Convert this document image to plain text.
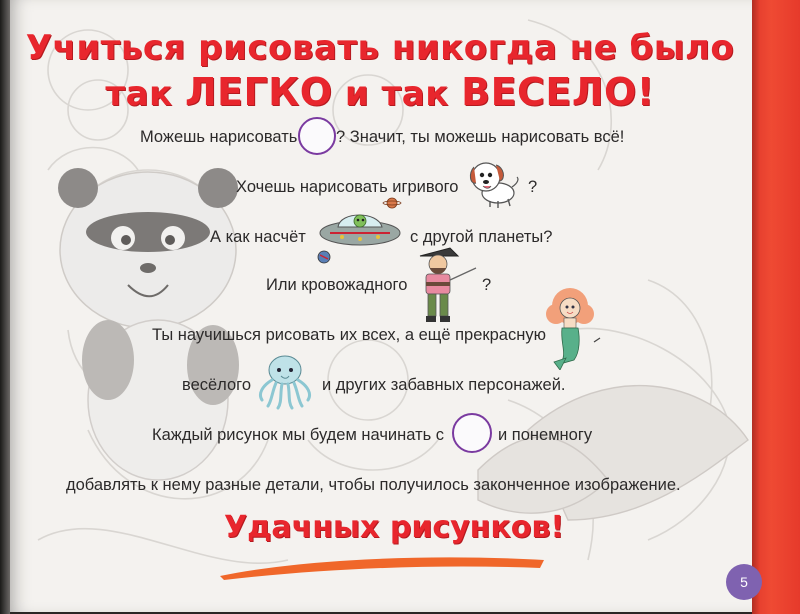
Учиться рисовать никогда не было
так ЛЕГКО и так ВЕСЕЛО!
Можешь нарисовать ? Значит, ты можешь нарисовать всё!
Хочешь нарисовать игривого	?
А как насчёт	с другой планеты?
Или кровожадного	?
Ты научишься рисовать их всех, а ещё прекрасную
весёлого	и других забавных персонажей.
Каждый рисунок мы будем начинать с	и понемногу
добавлять к нему разные детали, чтобы получилось законченное изображение.
Удачных рисунков!
5
